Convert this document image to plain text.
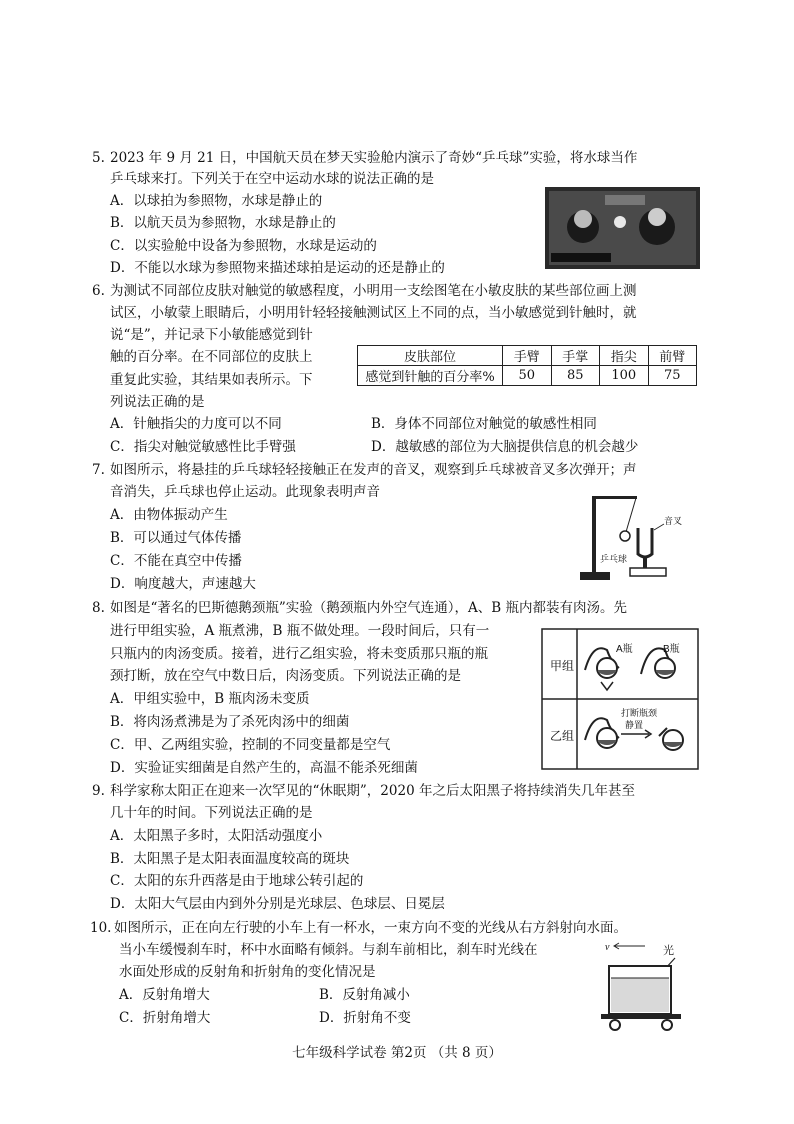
5. 2023 年 9 月 21 日，中国航天员在梦天实验舱内演示了奇妙“乒乓球”实验，将水球当作
乒乓球来打。下列关于在空中运动水球的说法正确的是
A．以球拍为参照物，水球是静止的
B．以航天员为参照物，水球是静止的
C．以实验舱中设备为参照物，水球是运动的
D．不能以水球为参照物来描述球拍是运动的还是静止的
6. 为测试不同部位皮肤对触觉的敏感程度，小明用一支绘图笔在小敏皮肤的某些部位画上测
试区，小敏蒙上眼睛后，小明用针轻轻接触测试区上不同的点，当小敏感觉到针触时，就
说“是”，并记录下小敏能感觉到针
触的百分率。在不同部位的皮肤上
重复此实验，其结果如表所示。下
列说法正确的是
皮肤部位	手臂	手掌	指尖	前臂
感觉到针触的百分率%	50	85	100	75
A．针触指尖的力度可以不同	B．身体不同部位对触觉的敏感性相同
C．指尖对触觉敏感性比手臂强	D．越敏感的部位为大脑提供信息的机会越少
7. 如图所示，将悬挂的乒乓球轻轻接触正在发声的音叉，观察到乒乓球被音叉多次弹开；声
音消失，乒乓球也停止运动。此现象表明声音
A．由物体振动产生
B．可以通过气体传播
C．不能在真空中传播
D．响度越大，声速越大
音叉
乒乓球
8. 如图是“著名的巴斯德鹅颈瓶”实验（鹅颈瓶内外空气连通），A、B 瓶内都装有肉汤。先
进行甲组实验，A 瓶煮沸，B 瓶不做处理。一段时间后，只有一
只瓶内的肉汤变质。接着，进行乙组实验，将未变质那只瓶的瓶
颈打断，放在空气中数日后，肉汤变质。下列说法正确的是
A．甲组实验中，B 瓶肉汤未变质
B．将肉汤煮沸是为了杀死肉汤中的细菌
C．甲、乙两组实验，控制的不同变量都是空气
D．实验证实细菌是自然产生的，高温不能杀死细菌
甲组
乙组
A瓶	B瓶
打断瓶颈
静置
9. 科学家称太阳正在迎来一次罕见的“休眠期”，2020 年之后太阳黑子将持续消失几年甚至
几十年的时间。下列说法正确的是
A．太阳黑子多时，太阳活动强度小
B．太阳黑子是太阳表面温度较高的斑块
C．太阳的东升西落是由于地球公转引起的
D．太阳大气层由内到外分别是光球层、色球层、日冕层
10. 如图所示，正在向左行驶的小车上有一杯水，一束方向不变的光线从右方斜射向水面。
当小车缓慢刹车时，杯中水面略有倾斜。与刹车前相比，刹车时光线在
水面处形成的反射角和折射角的变化情况是
A．反射角增大	B．反射角减小
C．折射角增大	D．折射角不变
v	光
七年级科学试卷 第2页 （共 8 页）
